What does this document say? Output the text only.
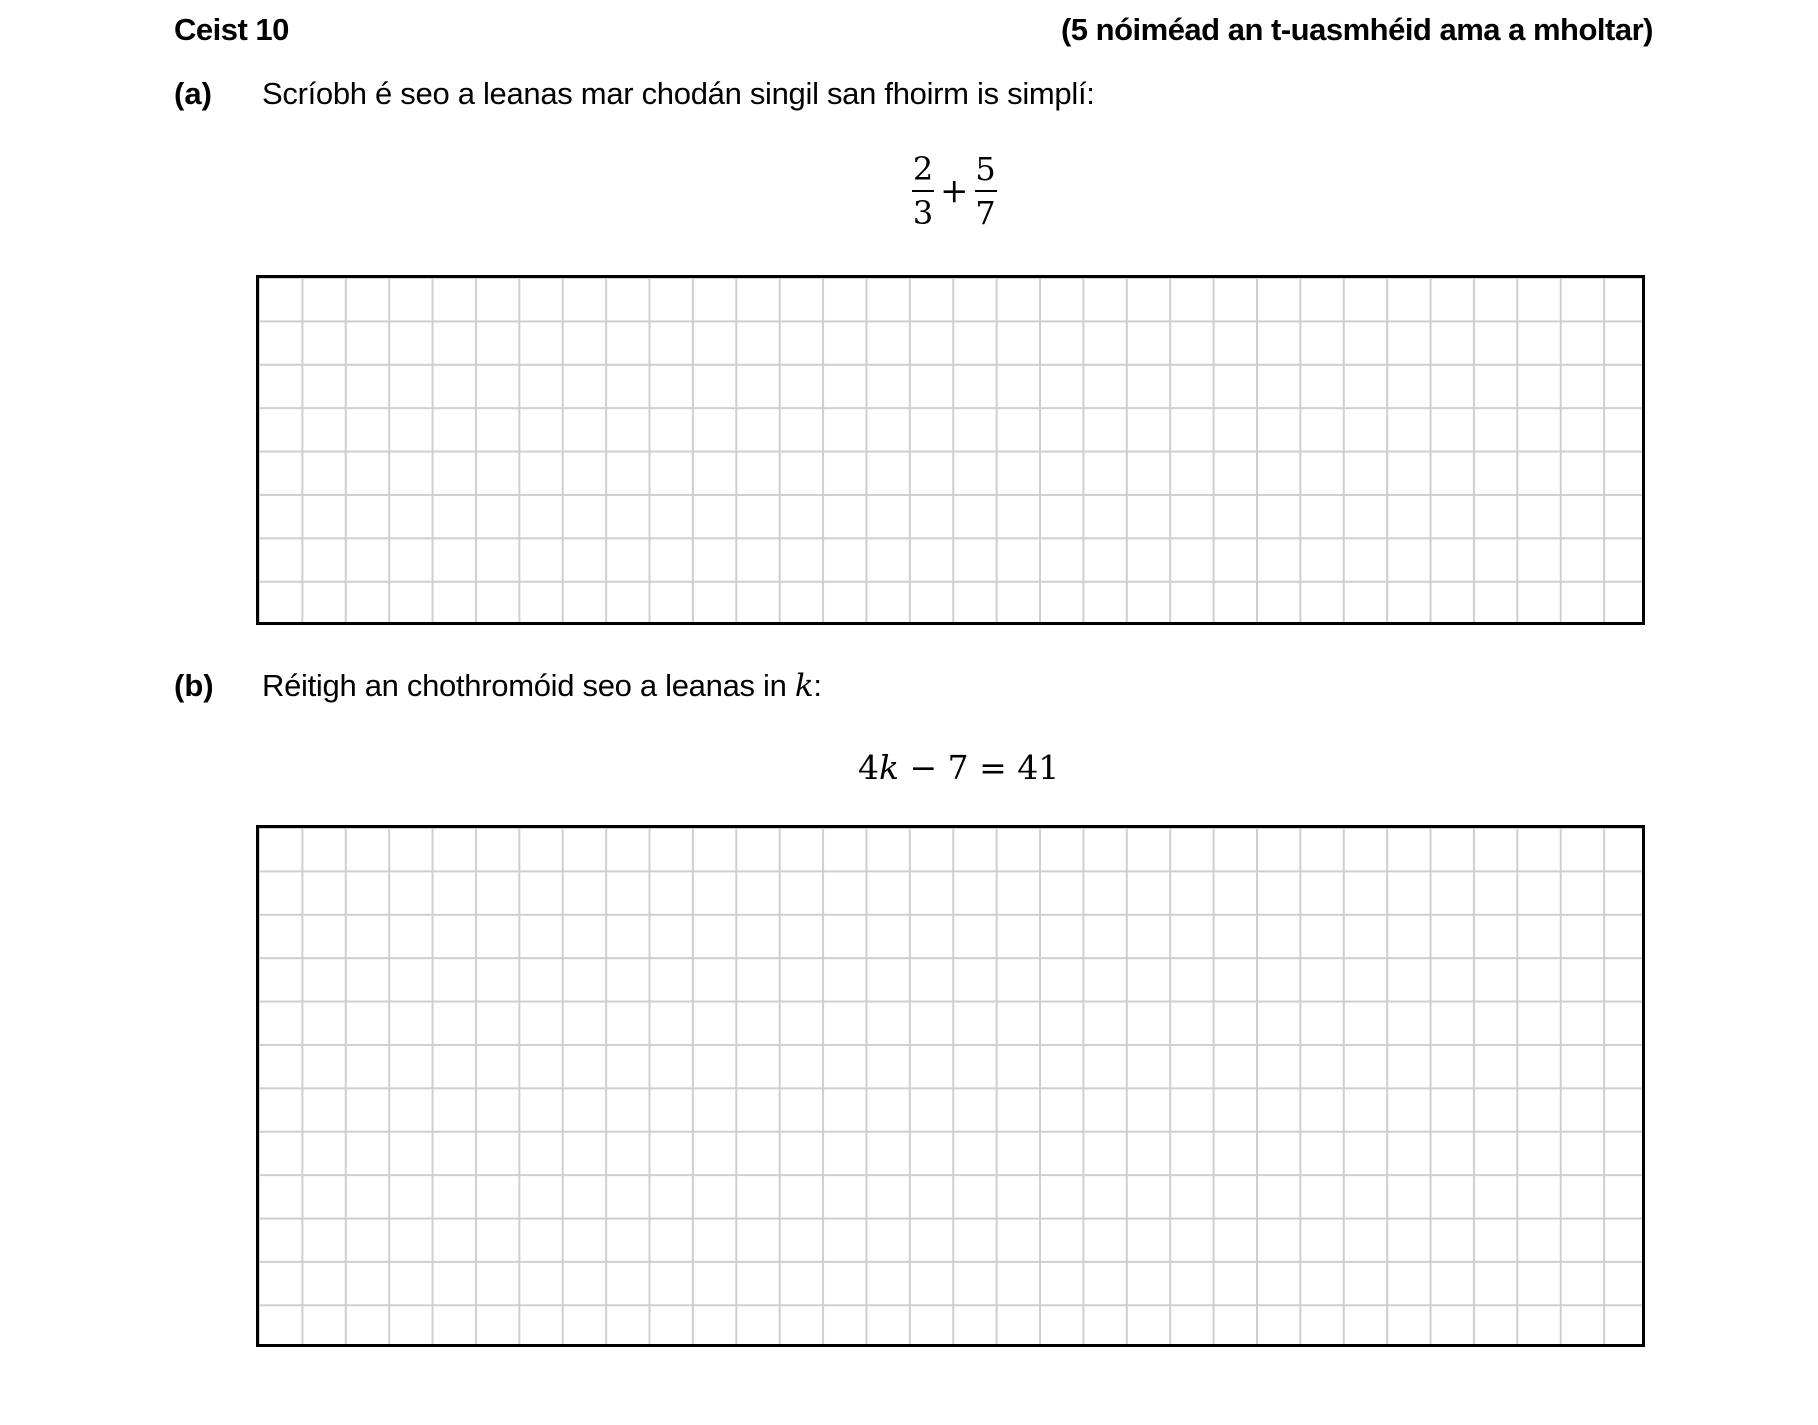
Ceist 10	(5 nóiméad an t-uasmhéid ama a mholtar)
(a) Scríobh é seo a leanas mar chodán singil san fhoirm is simplí:
$\frac{2}{3} + \frac{5}{7}$
(b) Réitigh an chothromóid seo a leanas in k:
4k − 7 = 41
